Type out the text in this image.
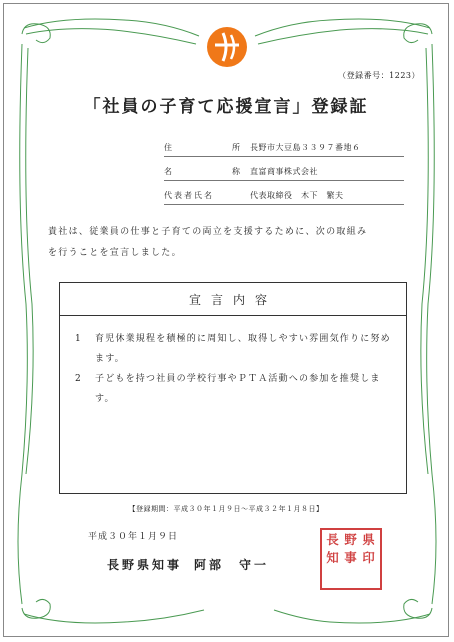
（登録番号：1223）
「社員の子育て応援宣言」登録証
住	所 長野市大豆島３３９７番地６
名	称 直富商事株式会社
代表者氏名	代表取締役　木下　繁夫
貴社は、従業員の仕事と子育ての両立を支援するために、次の取組み
を行うことを宣言しました。
宣言内容
1 育児休業規程を積極的に周知し、取得しやすい雰囲気作りに努め
ます。
2 子どもを持つ社員の学校行事やＰＴＡ活動への参加を推奨しま
す。
【登録期間：平成３０年１月９日～平成３２年１月８日】
平成３０年１月９日
長野県知事 阿部　守一
県
印
野
事
長
知
